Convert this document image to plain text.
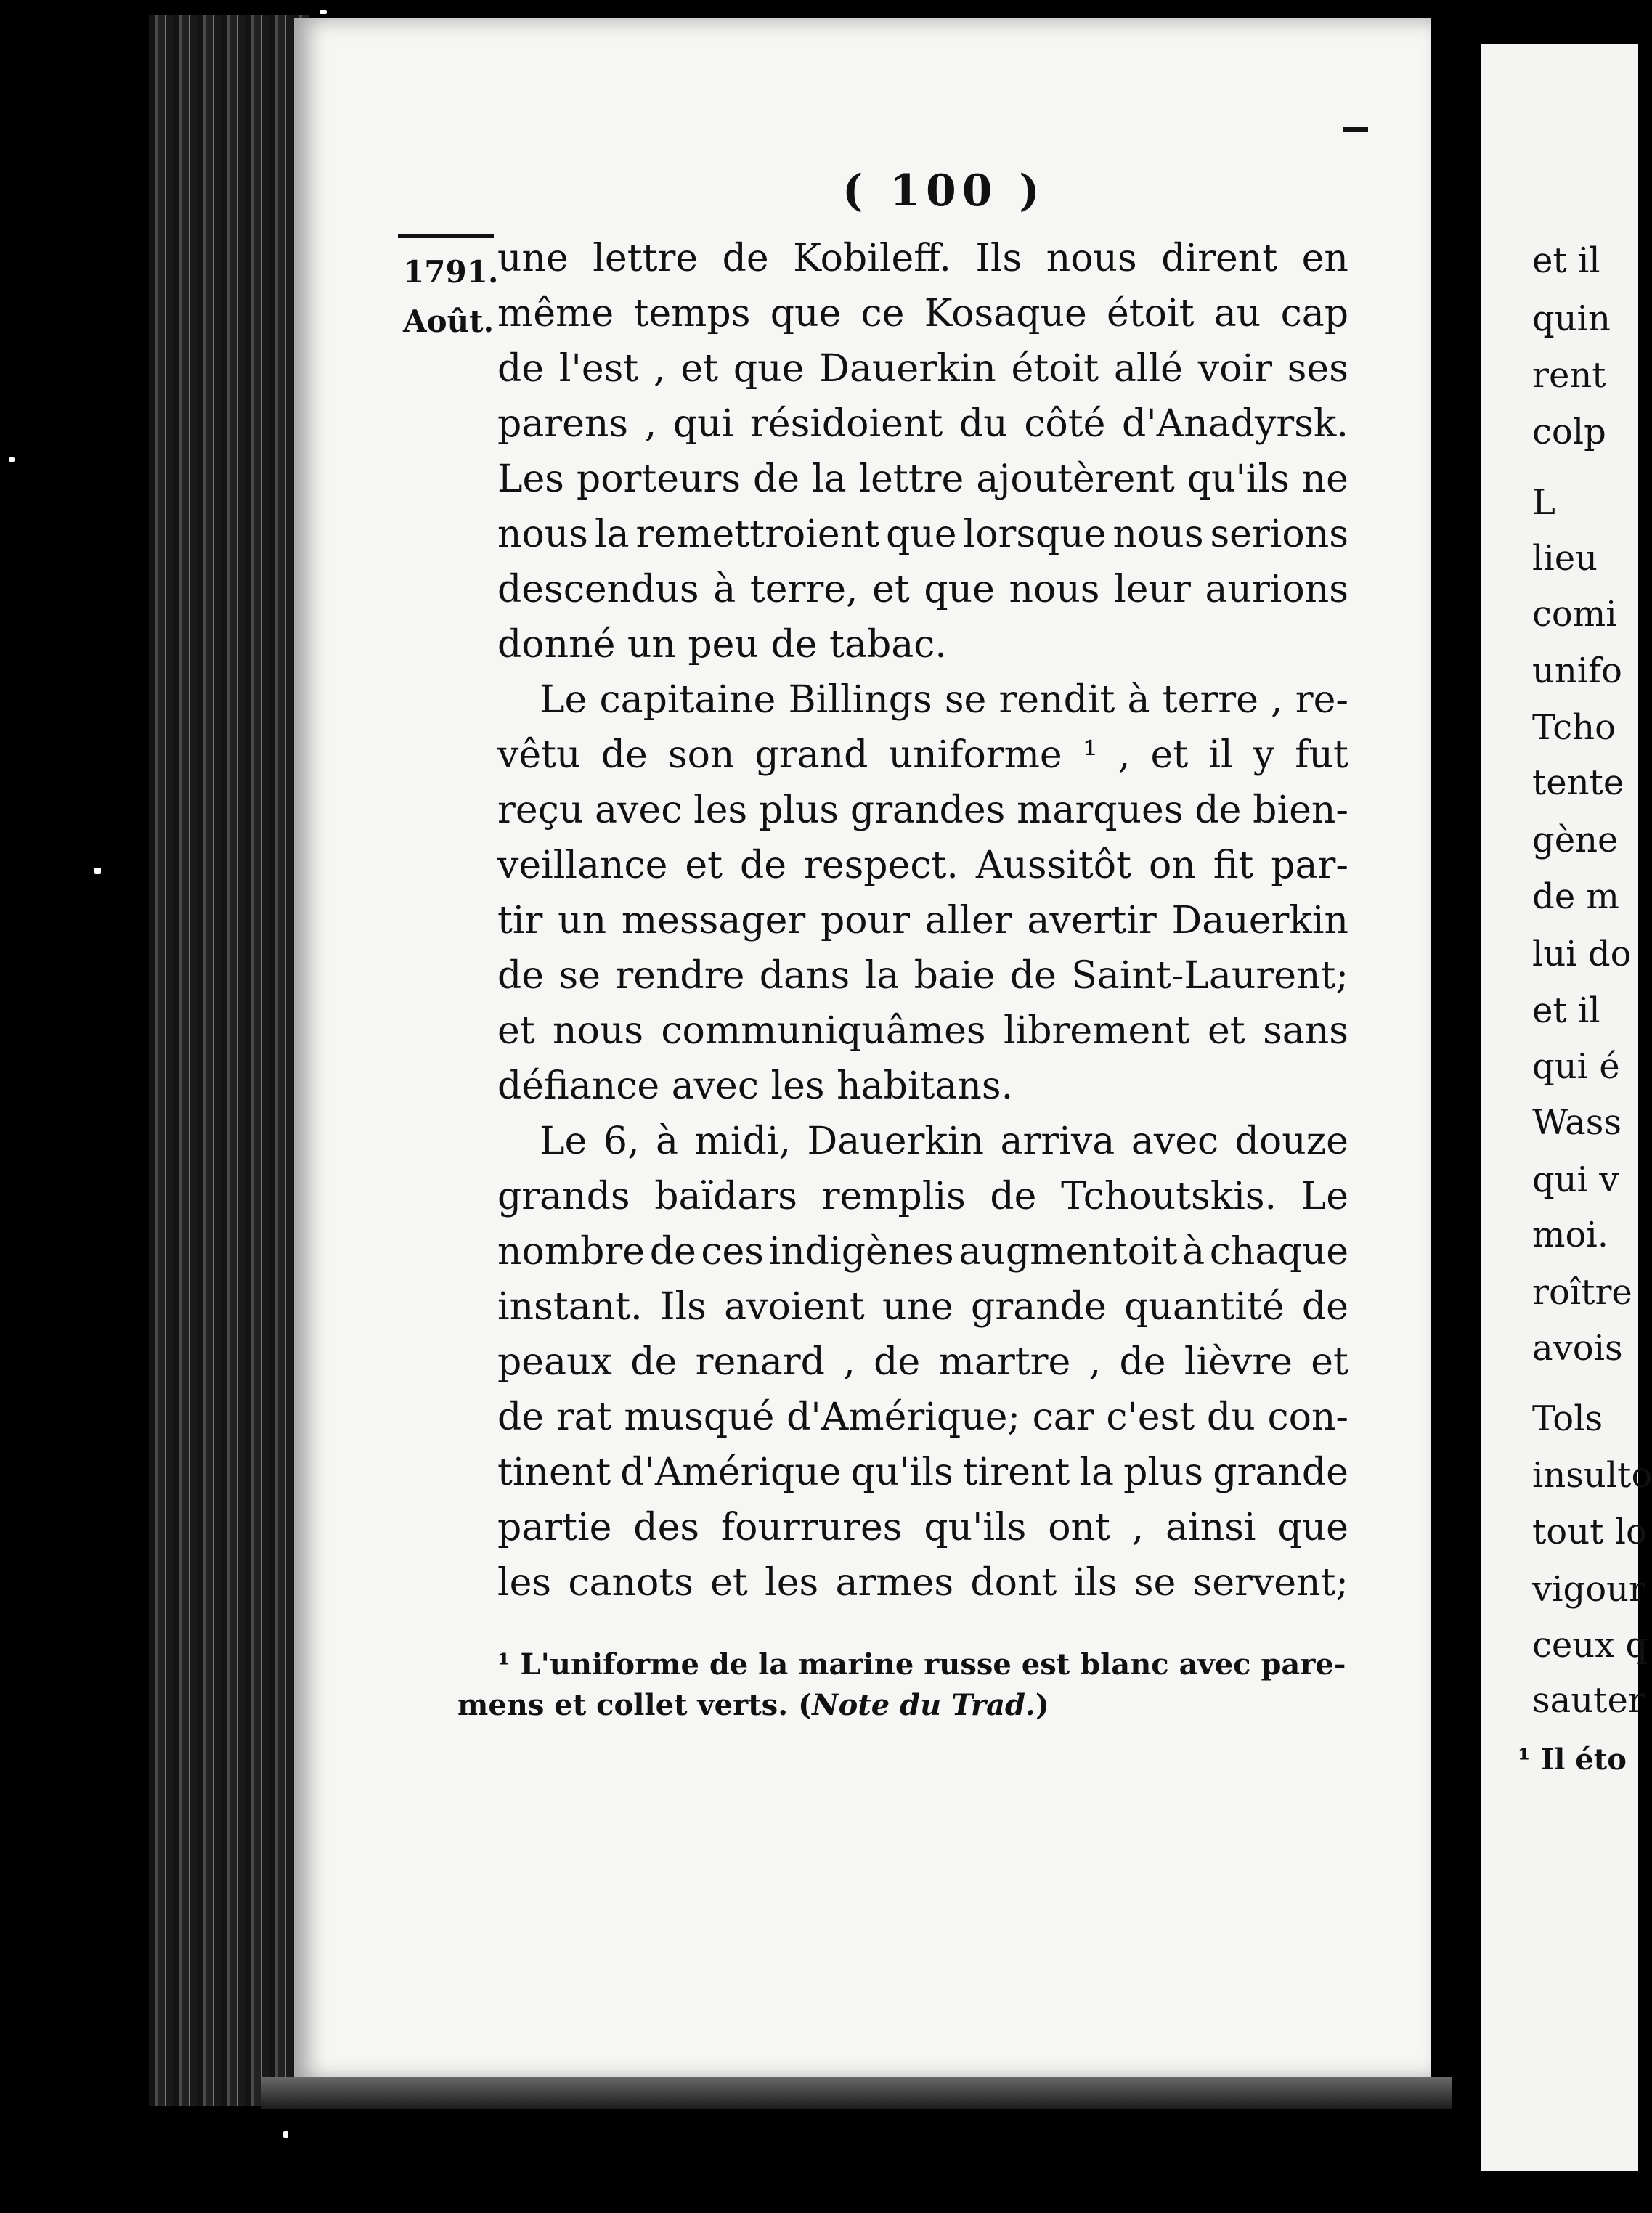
( 100 )
1791.
Août.
une lettre de Kobileff. Ils nous dirent en
même temps que ce Kosaque étoit au cap
de l'est , et que Dauerkin étoit allé voir ses
parens , qui résidoient du côté d'Anadyrsk.
Les porteurs de la lettre ajoutèrent qu'ils ne
nous la remettroient que lorsque nous serions
descendus à terre, et que nous leur aurions
donné un peu de tabac.
Le capitaine Billings se rendit à terre , re-
vêtu de son grand uniforme ¹ , et il y fut
reçu avec les plus grandes marques de bien-
veillance et de respect. Aussitôt on fit par-
tir un messager pour aller avertir Dauerkin
de se rendre dans la baie de Saint-Laurent;
et nous communiquâmes librement et sans
défiance avec les habitans.
Le 6, à midi, Dauerkin arriva avec douze
grands baïdars remplis de Tchoutskis. Le
nombre de ces indigènes augmentoit à chaque
instant. Ils avoient une grande quantité de
peaux de renard , de martre , de lièvre et
de rat musqué d'Amérique; car c'est du con-
tinent d'Amérique qu'ils tirent la plus grande
partie des fourrures qu'ils ont , ainsi que
les canots et les armes dont ils se servent;
¹ L'uniforme de la marine russe est blanc avec pare-
mens et collet verts. (Note du Trad.)
et il
quin
rent
colp
L
lieu
comi
unifo
Tcho
tente
gène
de m
lui do
et il
qui é
Wass
qui v
moi.
roître
avois
Tols
insulto
tout lo
vigour
ceux q
sauter
¹ Il éto
